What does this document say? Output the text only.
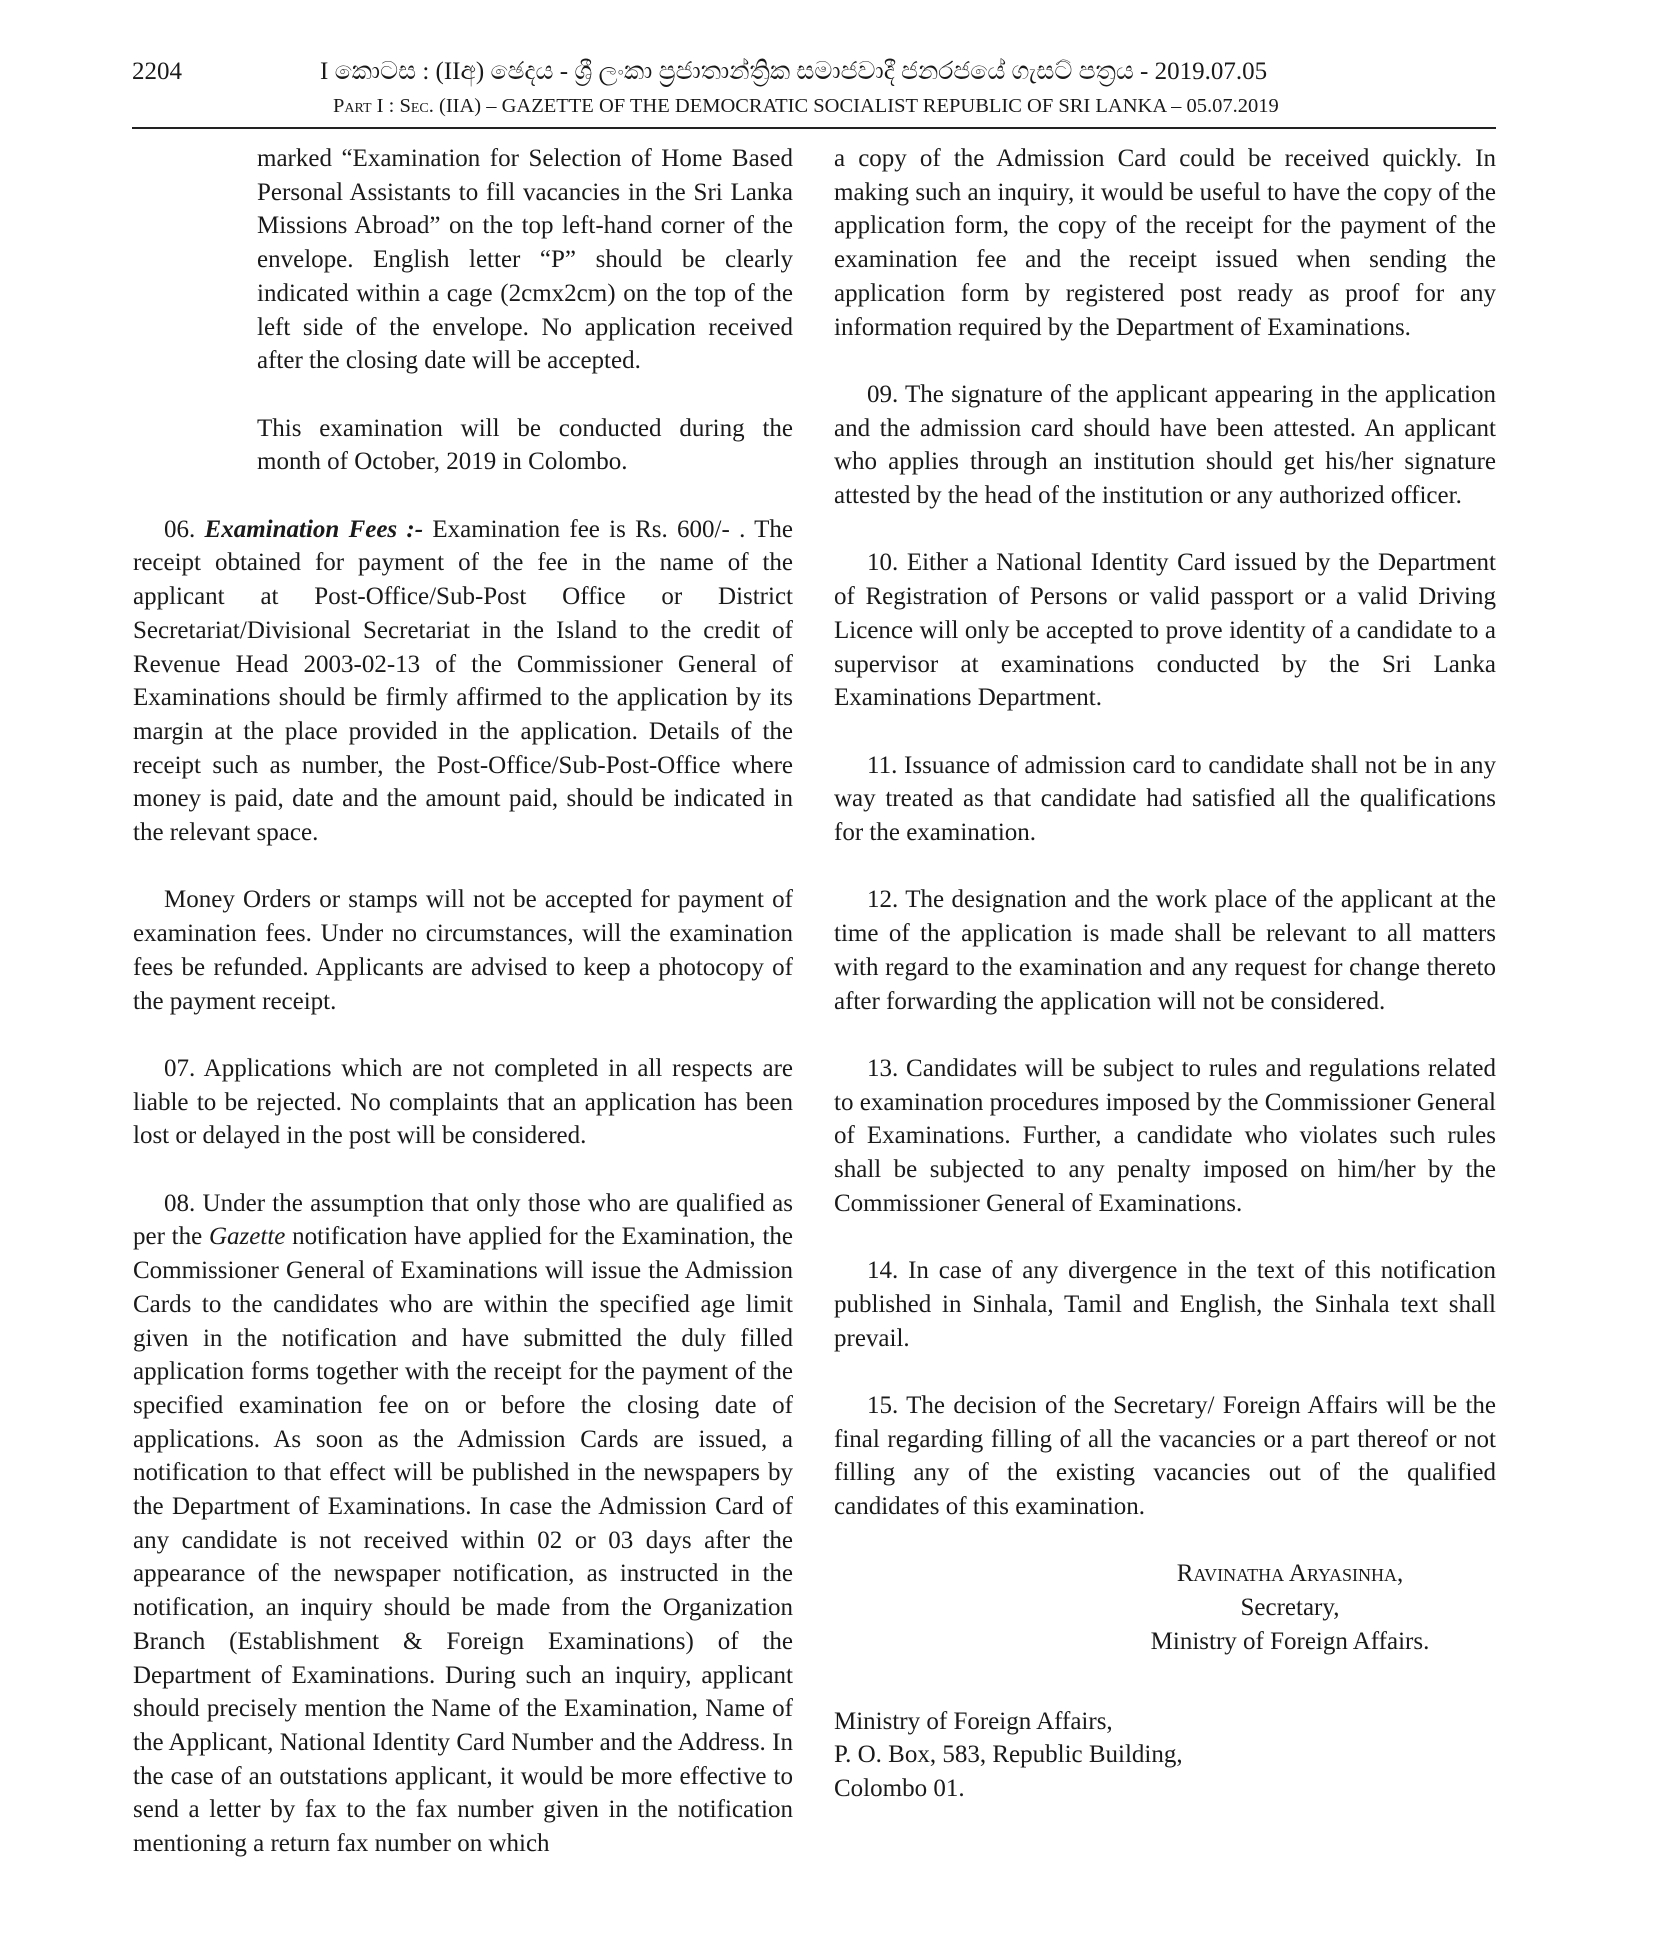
2204	I කොටස : (IIඅ) ඡෙදය - ශ්‍රී ලංකා ප්‍රජාතාන්ත්‍රික සමාජවාදී ජනරජයේ ගැසට් පත්‍රය - 2019.07.05
Part I : Sec. (IIA) – GAZETTE OF THE DEMOCRATIC SOCIALIST REPUBLIC OF SRI LANKA – 05.07.2019

marked “Examination for Selection of Home Based Personal Assistants to fill vacancies in the Sri Lanka Missions Abroad” on the top left-hand corner of the envelope. English letter “P” should be clearly indicated within a cage (2cmx2cm) on the top of the left side of the envelope. No application received after the closing date will be accepted.

This examination will be conducted during the month of October, 2019 in Colombo.

06. Examination Fees :- Examination fee is Rs. 600/- . The receipt obtained for payment of the fee in the name of the applicant at Post-Office/Sub-Post Office or District Secretariat/Divisional Secretariat in the Island to the credit of Revenue Head 2003-02-13 of the Commissioner General of Examinations should be firmly affirmed to the application by its margin at the place provided in the application. Details of the receipt such as number, the Post-Office/Sub-Post-Office where money is paid, date and the amount paid, should be indicated in the relevant space.

Money Orders or stamps will not be accepted for payment of examination fees. Under no circumstances, will the examination fees be refunded. Applicants are advised to keep a photocopy of the payment receipt.

07. Applications which are not completed in all respects are liable to be rejected. No complaints that an application has been lost or delayed in the post will be considered.

08. Under the assumption that only those who are qualified as per the Gazette notification have applied for the Examination, the Commissioner General of Examinations will issue the Admission Cards to the candidates who are within the specified age limit given in the notification and have submitted the duly filled application forms together with the receipt for the payment of the specified examination fee on or before the closing date of applications. As soon as the Admission Cards are issued, a notification to that effect will be published in the newspapers by the Department of Examinations. In case the Admission Card of any candidate is not received within 02 or 03 days after the appearance of the newspaper notification, as instructed in the notification, an inquiry should be made from the Organization Branch (Establishment & Foreign Examinations) of the Department of Examinations. During such an inquiry, applicant should precisely mention the Name of the Examination, Name of the Applicant, National Identity Card Number and the Address. In the case of an outstations applicant, it would be more effective to send a letter by fax to the fax number given in the notification mentioning a return fax number on which

a copy of the Admission Card could be received quickly. In making such an inquiry, it would be useful to have the copy of the application form, the copy of the receipt for the payment of the examination fee and the receipt issued when sending the application form by registered post ready as proof for any information required by the Department of Examinations.

09. The signature of the applicant appearing in the application and the admission card should have been attested. An applicant who applies through an institution should get his/her signature attested by the head of the institution or any authorized officer.

10. Either a National Identity Card issued by the Department of Registration of Persons or valid passport or a valid Driving Licence will only be accepted to prove identity of a candidate to a supervisor at examinations conducted by the Sri Lanka Examinations Department.

11. Issuance of admission card to candidate shall not be in any way treated as that candidate had satisfied all the qualifications for the examination.

12. The designation and the work place of the applicant at the time of the application is made shall be relevant to all matters with regard to the examination and any request for change thereto after forwarding the application will not be considered.

13. Candidates will be subject to rules and regulations related to examination procedures imposed by the Commissioner General of Examinations. Further, a candidate who violates such rules shall be subjected to any penalty imposed on him/her by the Commissioner General of Examinations.

14. In case of any divergence in the text of this notification published in Sinhala, Tamil and English, the Sinhala text shall prevail.

15. The decision of the Secretary/ Foreign Affairs will be the final regarding filling of all the vacancies or a part thereof or not filling any of the existing vacancies out of the qualified candidates of this examination.

Ravinatha Aryasinha,
Secretary,
Ministry of Foreign Affairs.
Ministry of Foreign Affairs,
P. O. Box, 583, Republic Building,
Colombo 01.
